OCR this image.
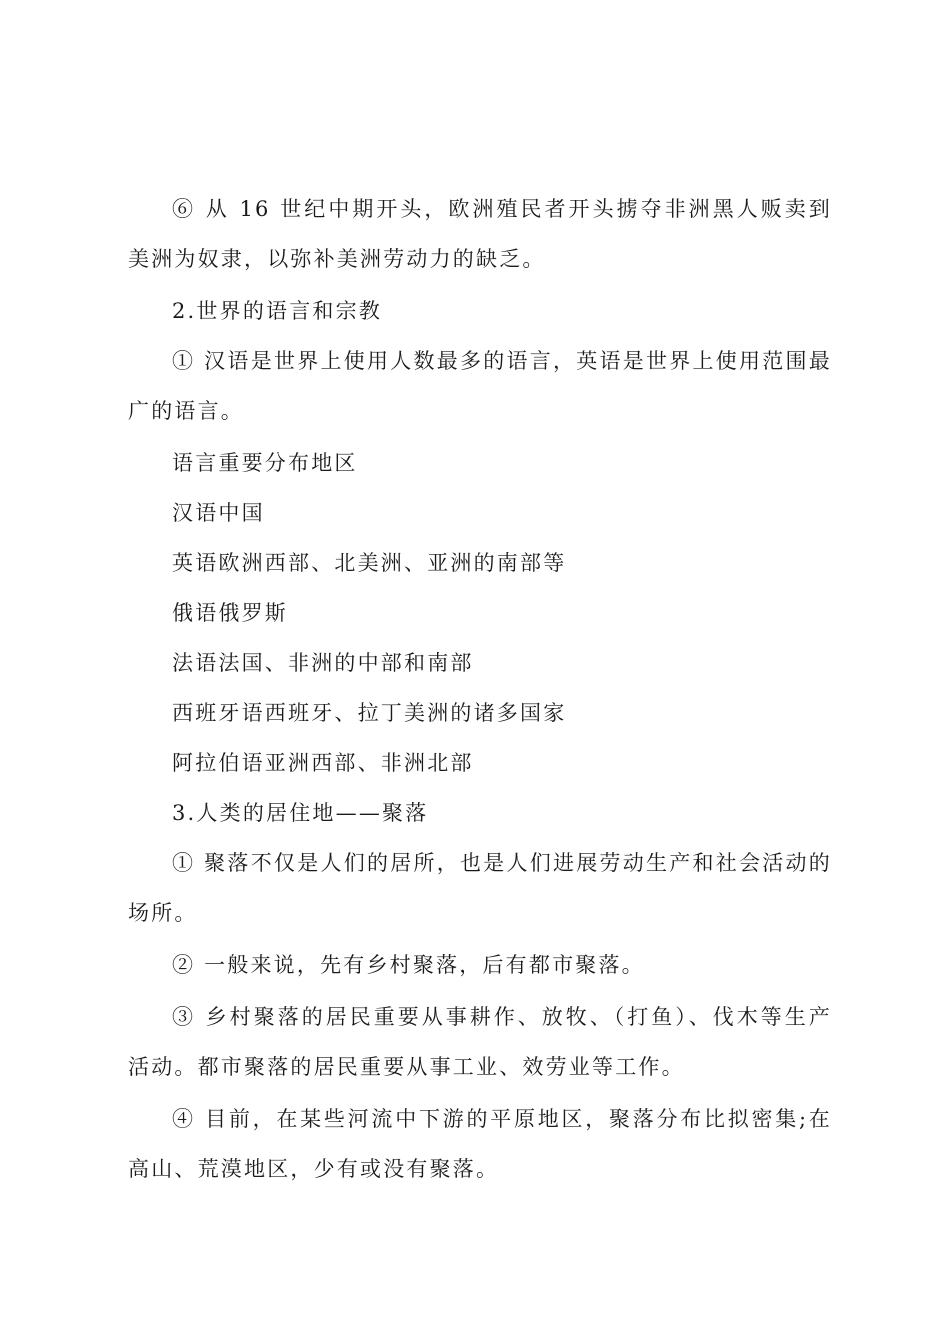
⑥ 从 16 世纪中期开头，欧洲殖民者开头掳夺非洲黑人贩卖到美洲为奴隶，以弥补美洲劳动力的缺乏。

2.世界的语言和宗教

① 汉语是世界上使用人数最多的语言，英语是世界上使用范围最广的语言。

语言重要分布地区

汉语中国

英语欧洲西部、北美洲、亚洲的南部等

俄语俄罗斯

法语法国、非洲的中部和南部

西班牙语西班牙、拉丁美洲的诸多国家

阿拉伯语亚洲西部、非洲北部

3.人类的居住地——聚落

① 聚落不仅是人们的居所，也是人们进展劳动生产和社会活动的场所。

② 一般来说，先有乡村聚落，后有都市聚落。

③ 乡村聚落的居民重要从事耕作、放牧、（打鱼）、伐木等生产活动。都市聚落的居民重要从事工业、效劳业等工作。

④ 目前，在某些河流中下游的平原地区，聚落分布比拟密集;在高山、荒漠地区，少有或没有聚落。
